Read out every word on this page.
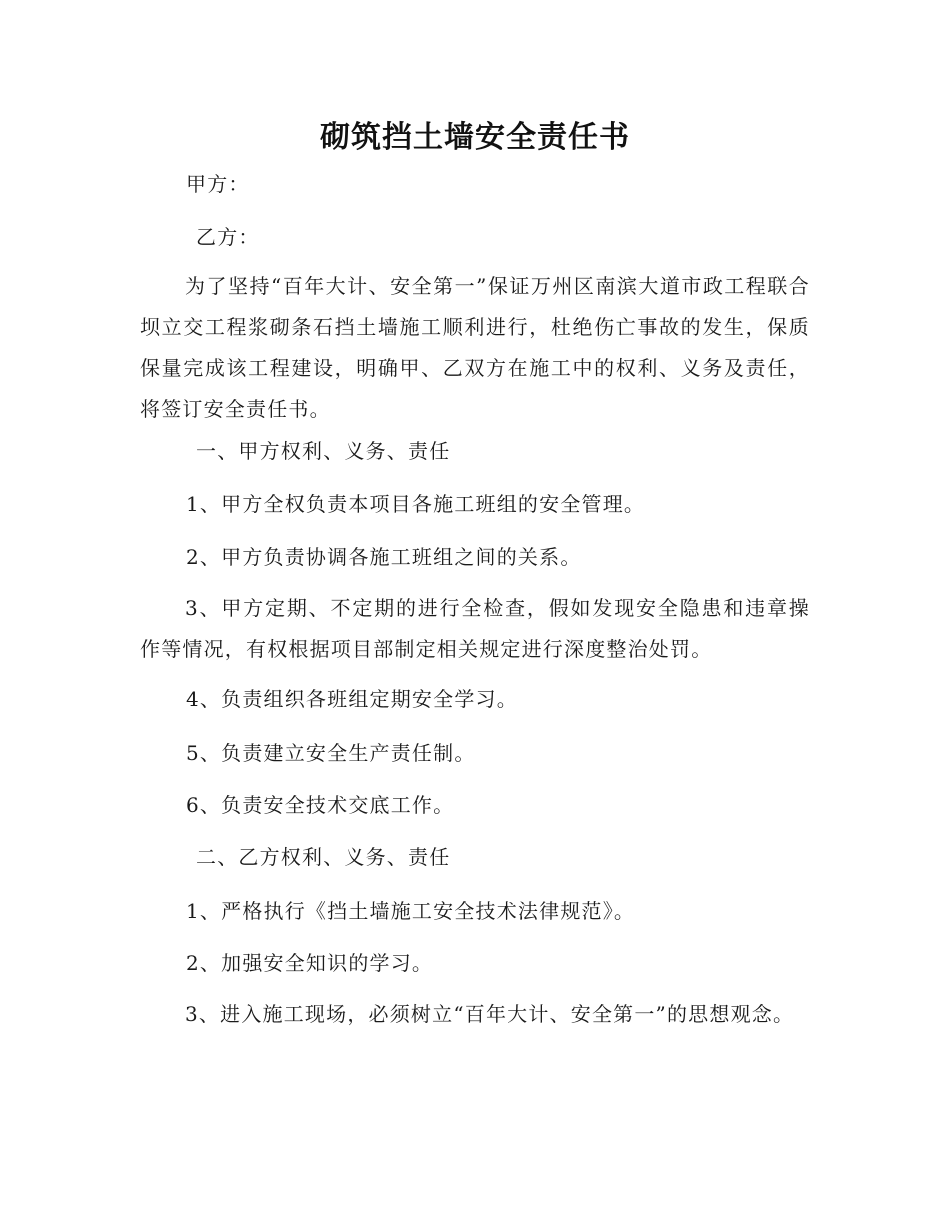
砌筑挡土墙安全责任书
甲方：
乙方：
为了坚持“百年大计、安全第一”保证万州区南滨大道市政工程联合坝立交工程浆砌条石挡土墙施工顺利进行，杜绝伤亡事故的发生，保质保量完成该工程建设，明确甲、乙双方在施工中的权利、义务及责任，将签订安全责任书。
一、甲方权利、义务、责任
1、甲方全权负责本项目各施工班组的安全管理。
2、甲方负责协调各施工班组之间的关系。
3、甲方定期、不定期的进行全检查，假如发现安全隐患和违章操作等情况，有权根据项目部制定相关规定进行深度整治处罚。
4、负责组织各班组定期安全学习。
5、负责建立安全生产责任制。
6、负责安全技术交底工作。
二、乙方权利、义务、责任
1、严格执行《挡土墙施工安全技术法律规范》。
2、加强安全知识的学习。
3、进入施工现场，必须树立“百年大计、安全第一”的思想观念。
